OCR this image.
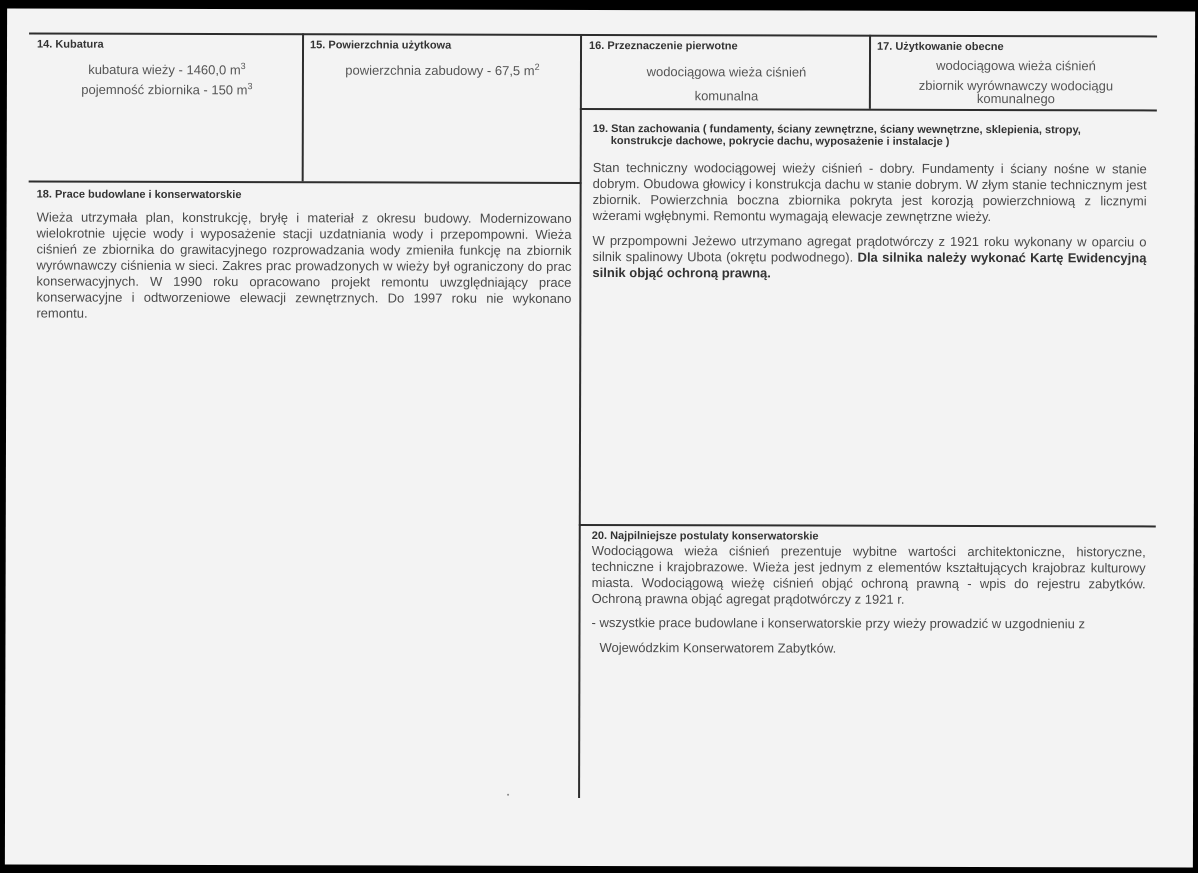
14. Kubatura
kubatura wieży - 1460,0 $m^3$
pojemność zbiornika - 150 $m^3$
15. Powierzchnia użytkowa
powierzchnia zabudowy - 67,5 $m^2$
16. Przeznaczenie pierwotne
wodociągowa wieża ciśnień
komunalna
17. Użytkowanie obecne
wodociągowa wieża ciśnień
zbiornik wyrównawczy wodociągu
komunalnego
19. Stan zachowania ( fundamenty, ściany zewnętrzne, ściany wewnętrzne, sklepienia, stropy,
konstrukcje dachowe, pokrycie dachu, wyposażenie i instalacje )
Stan techniczny wodociągowej wieży ciśnień - dobry. Fundamenty i ściany nośne w stanie dobrym. Obudowa głowicy i konstrukcja dachu w stanie dobrym. W złym stanie technicznym jest zbiornik. Powierzchnia boczna zbiornika pokryta jest korozją powierzchniową z licznymi wżerami wgłębnymi. Remontu wymagają elewacje zewnętrzne wieży.
W przpompowni Jeżewo utrzymano agregat prądotwórczy z 1921 roku wykonany w oparciu o silnik spalinowy Ubota (okrętu podwodnego). Dla silnika należy wykonać Kartę Ewidencyjną silnik objąć ochroną prawną.
18. Prace budowlane i konserwatorskie
Wieża utrzymała plan, konstrukcję, bryłę i materiał z okresu budowy. Modernizowano wielokrotnie ujęcie wody i wyposażenie stacji uzdatniania wody i przepompowni. Wieża ciśnień ze zbiornika do grawitacyjnego rozprowadzania wody zmieniła funkcję na zbiornik wyrównawczy ciśnienia w sieci. Zakres prac prowadzonych w wieży był ograniczony do prac konserwacyjnych. W 1990 roku opracowano projekt remontu uwzględniający prace konserwacyjne i odtworzeniowe elewacji zewnętrznych. Do 1997 roku nie wykonano remontu.
20. Najpilniejsze postulaty konserwatorskie
Wodociągowa wieża ciśnień prezentuje wybitne wartości architektoniczne, historyczne, techniczne i krajobrazowe. Wieża jest jednym z elementów kształtujących krajobraz kulturowy miasta. Wodociągową wieżę ciśnień objąć ochroną prawną - wpis do rejestru zabytków. Ochroną prawna objąć agregat prądotwórczy z 1921 r.
- wszystkie prace budowlane i konserwatorskie przy wieży prowadzić w uzgodnieniu z
Wojewódzkim Konserwatorem Zabytków.
